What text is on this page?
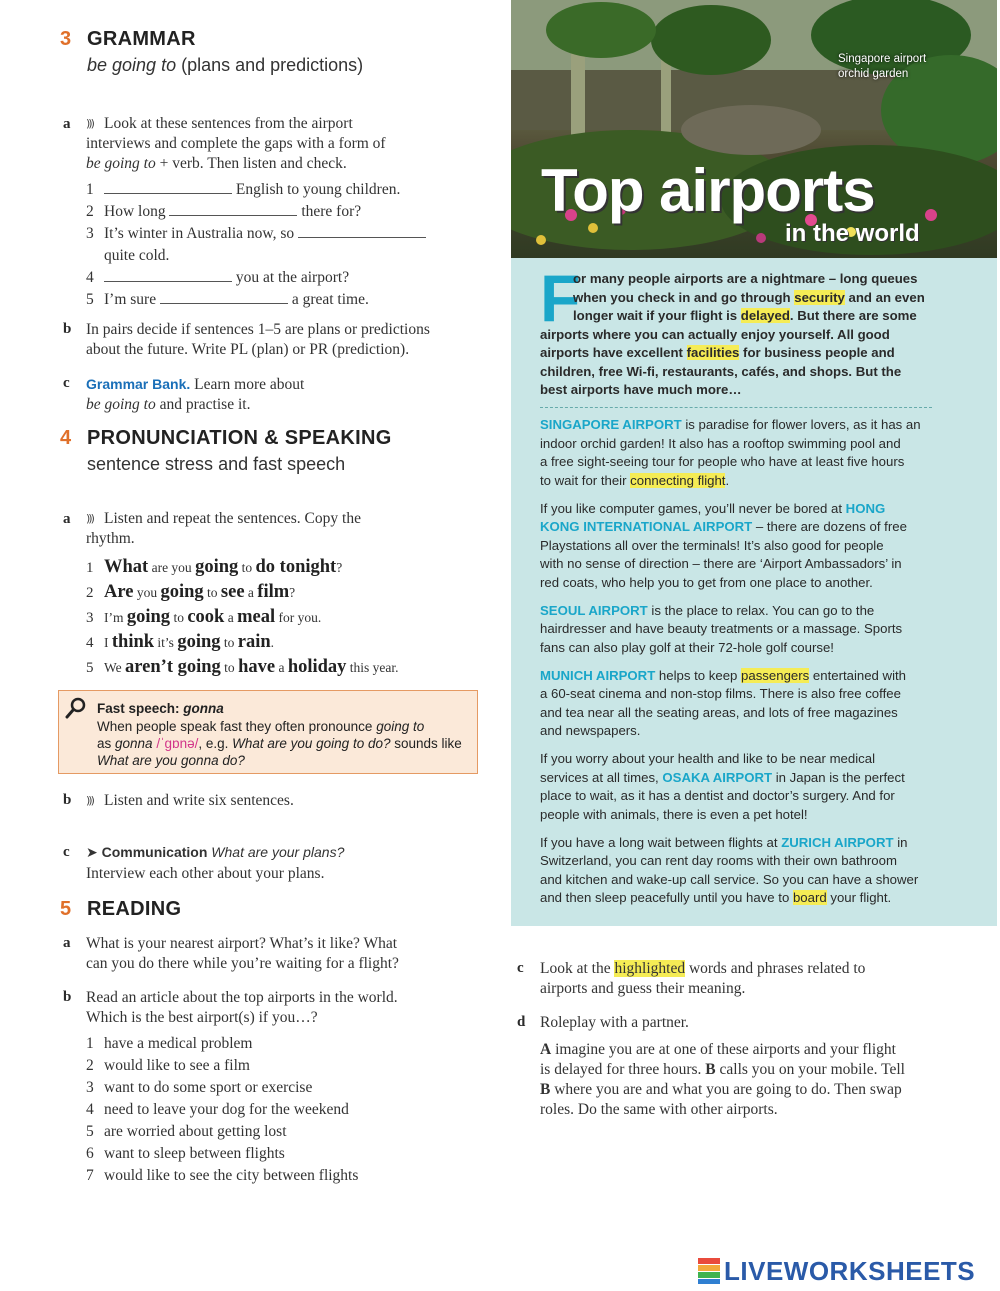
3 GRAMMAR
be going to (plans and predictions)
a )))	Look at these sentences from the airport
interviews and complete the gaps with a form of
be going to + verb. Then listen and check.
1	English to young children.
2 How long	there for?
3 It’s winter in Australia now, so
quite cold.
4	you at the airport?
5 I’m sure	a great time.
b In pairs decide if sentences 1–5 are plans or predictions
about the future. Write PL (plan) or PR (prediction).
c Grammar Bank. Learn more about
be going to and practise it.
4 PRONUNCIATION & SPEAKING
sentence stress and fast speech
a )))	Listen and repeat the sentences. Copy the
rhythm.
1 What are you going to do tonight?
2 Are you going to see a film?
3 I’m going to cook a meal for you.
4 I think it’s going to rain.
5 We aren’t going to have a holiday this year.
Fast speech: gonna
When people speak fast they often pronounce going to
as gonna /ˈgɒnə/, e.g. What are you going to do? sounds like
What are you gonna do?
b )))	Listen and write six sentences.
c ➤ Communication What are your plans?
Interview each other about your plans.
5 READING
a What is your nearest airport? What’s it like? What
can you do there while you’re waiting for a flight?
b Read an article about the top airports in the world.
Which is the best airport(s) if you…?
1 have a medical problem
2 would like to see a film
3 want to do some sport or exercise
4 need to leave your dog for the weekend
5 are worried about getting lost
6 want to sleep between flights
7 would like to see the city between flights
Singapore airport
orchid garden
Top airports
in the world
F
or many people airports are a nightmare – long queues
when you check in and go through security and an even
longer wait if your flight is delayed. But there are some
airports where you can actually enjoy yourself. All good
airports have excellent facilities for business people and
children, free Wi-fi, restaurants, cafés, and shops. But the
best airports have much more…
SINGAPORE AIRPORT is paradise for flower lovers, as it has an
indoor orchid garden! It also has a rooftop swimming pool and
a free sight-seeing tour for people who have at least five hours
to wait for their connecting flight.
If you like computer games, you’ll never be bored at HONG
KONG INTERNATIONAL AIRPORT – there are dozens of free
Playstations all over the terminals! It’s also good for people
with no sense of direction – there are ‘Airport Ambassadors’ in
red coats, who help you to get from one place to another.
SEOUL AIRPORT is the place to relax. You can go to the
hairdresser and have beauty treatments or a massage. Sports
fans can also play golf at their 72-hole golf course!
MUNICH AIRPORT helps to keep passengers entertained with
a 60-seat cinema and non-stop films. There is also free coffee
and tea near all the seating areas, and lots of free magazines
and newspapers.
If you worry about your health and like to be near medical
services at all times, OSAKA AIRPORT in Japan is the perfect
place to wait, as it has a dentist and doctor’s surgery. And for
people with animals, there is even a pet hotel!
If you have a long wait between flights at ZURICH AIRPORT in
Switzerland, you can rent day rooms with their own bathroom
and kitchen and wake-up call service. So you can have a shower
and then sleep peacefully until you have to board your flight.
c Look at the highlighted words and phrases related to
airports and guess their meaning.
d Roleplay with a partner.
A imagine you are at one of these airports and your flight
is delayed for three hours. B calls you on your mobile. Tell
B where you are and what you are going to do. Then swap
roles. Do the same with other airports.
LIVEWORKSHEETS
